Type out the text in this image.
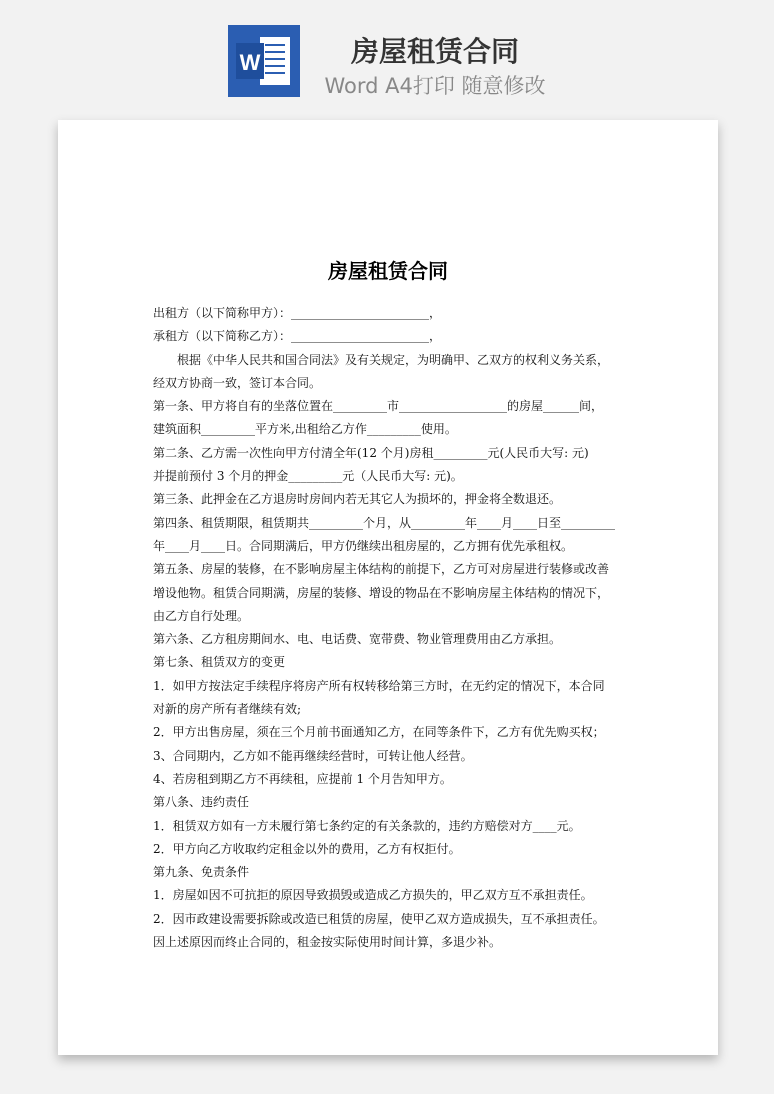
W	房屋租赁合同
Word A4打印 随意修改
房屋租赁合同

出租方（以下简称甲方）：_______________________，

承租方（以下简称乙方）：_______________________，

根据《中华人民共和国合同法》及有关规定，为明确甲、乙双方的权利义务关系，

经双方协商一致，签订本合同。

第一条、甲方将自有的坐落位置在_________市__________________的房屋______间，

建筑面积_________平方米,出租给乙方作_________使用。

第二条、乙方需一次性向甲方付清全年(12 个月)房租_________元(人民币大写: 元)

并提前预付 3 个月的押金_________元（人民币大写: 元)。

第三条、此押金在乙方退房时房间内若无其它人为损坏的，押金将全数退还。

第四条、租赁期限，租赁期共_________个月，从_________年____月____日至_________

年____月____日。合同期满后，甲方仍继续出租房屋的，乙方拥有优先承租权。

第五条、房屋的装修，在不影响房屋主体结构的前提下，乙方可对房屋进行装修或改善

增设他物。租赁合同期满，房屋的装修、增设的物品在不影响房屋主体结构的情况下，

由乙方自行处理。

第六条、乙方租房期间水、电、电话费、宽带费、物业管理费用由乙方承担。

第七条、租赁双方的变更

1．如甲方按法定手续程序将房产所有权转移给第三方时，在无约定的情况下，本合同

对新的房产所有者继续有效;

2．甲方出售房屋，须在三个月前书面通知乙方，在同等条件下，乙方有优先购买权；

3、合同期内，乙方如不能再继续经营时，可转让他人经营。

4、若房租到期乙方不再续租，应提前 1 个月告知甲方。

第八条、违约责任

1．租赁双方如有一方未履行第七条约定的有关条款的，违约方赔偿对方____元。

2．甲方向乙方收取约定租金以外的费用，乙方有权拒付。

第九条、免责条件

1．房屋如因不可抗拒的原因导致损毁或造成乙方损失的，甲乙双方互不承担责任。

2．因市政建设需要拆除或改造已租赁的房屋，使甲乙双方造成损失，互不承担责任。

因上述原因而终止合同的，租金按实际使用时间计算，多退少补。
